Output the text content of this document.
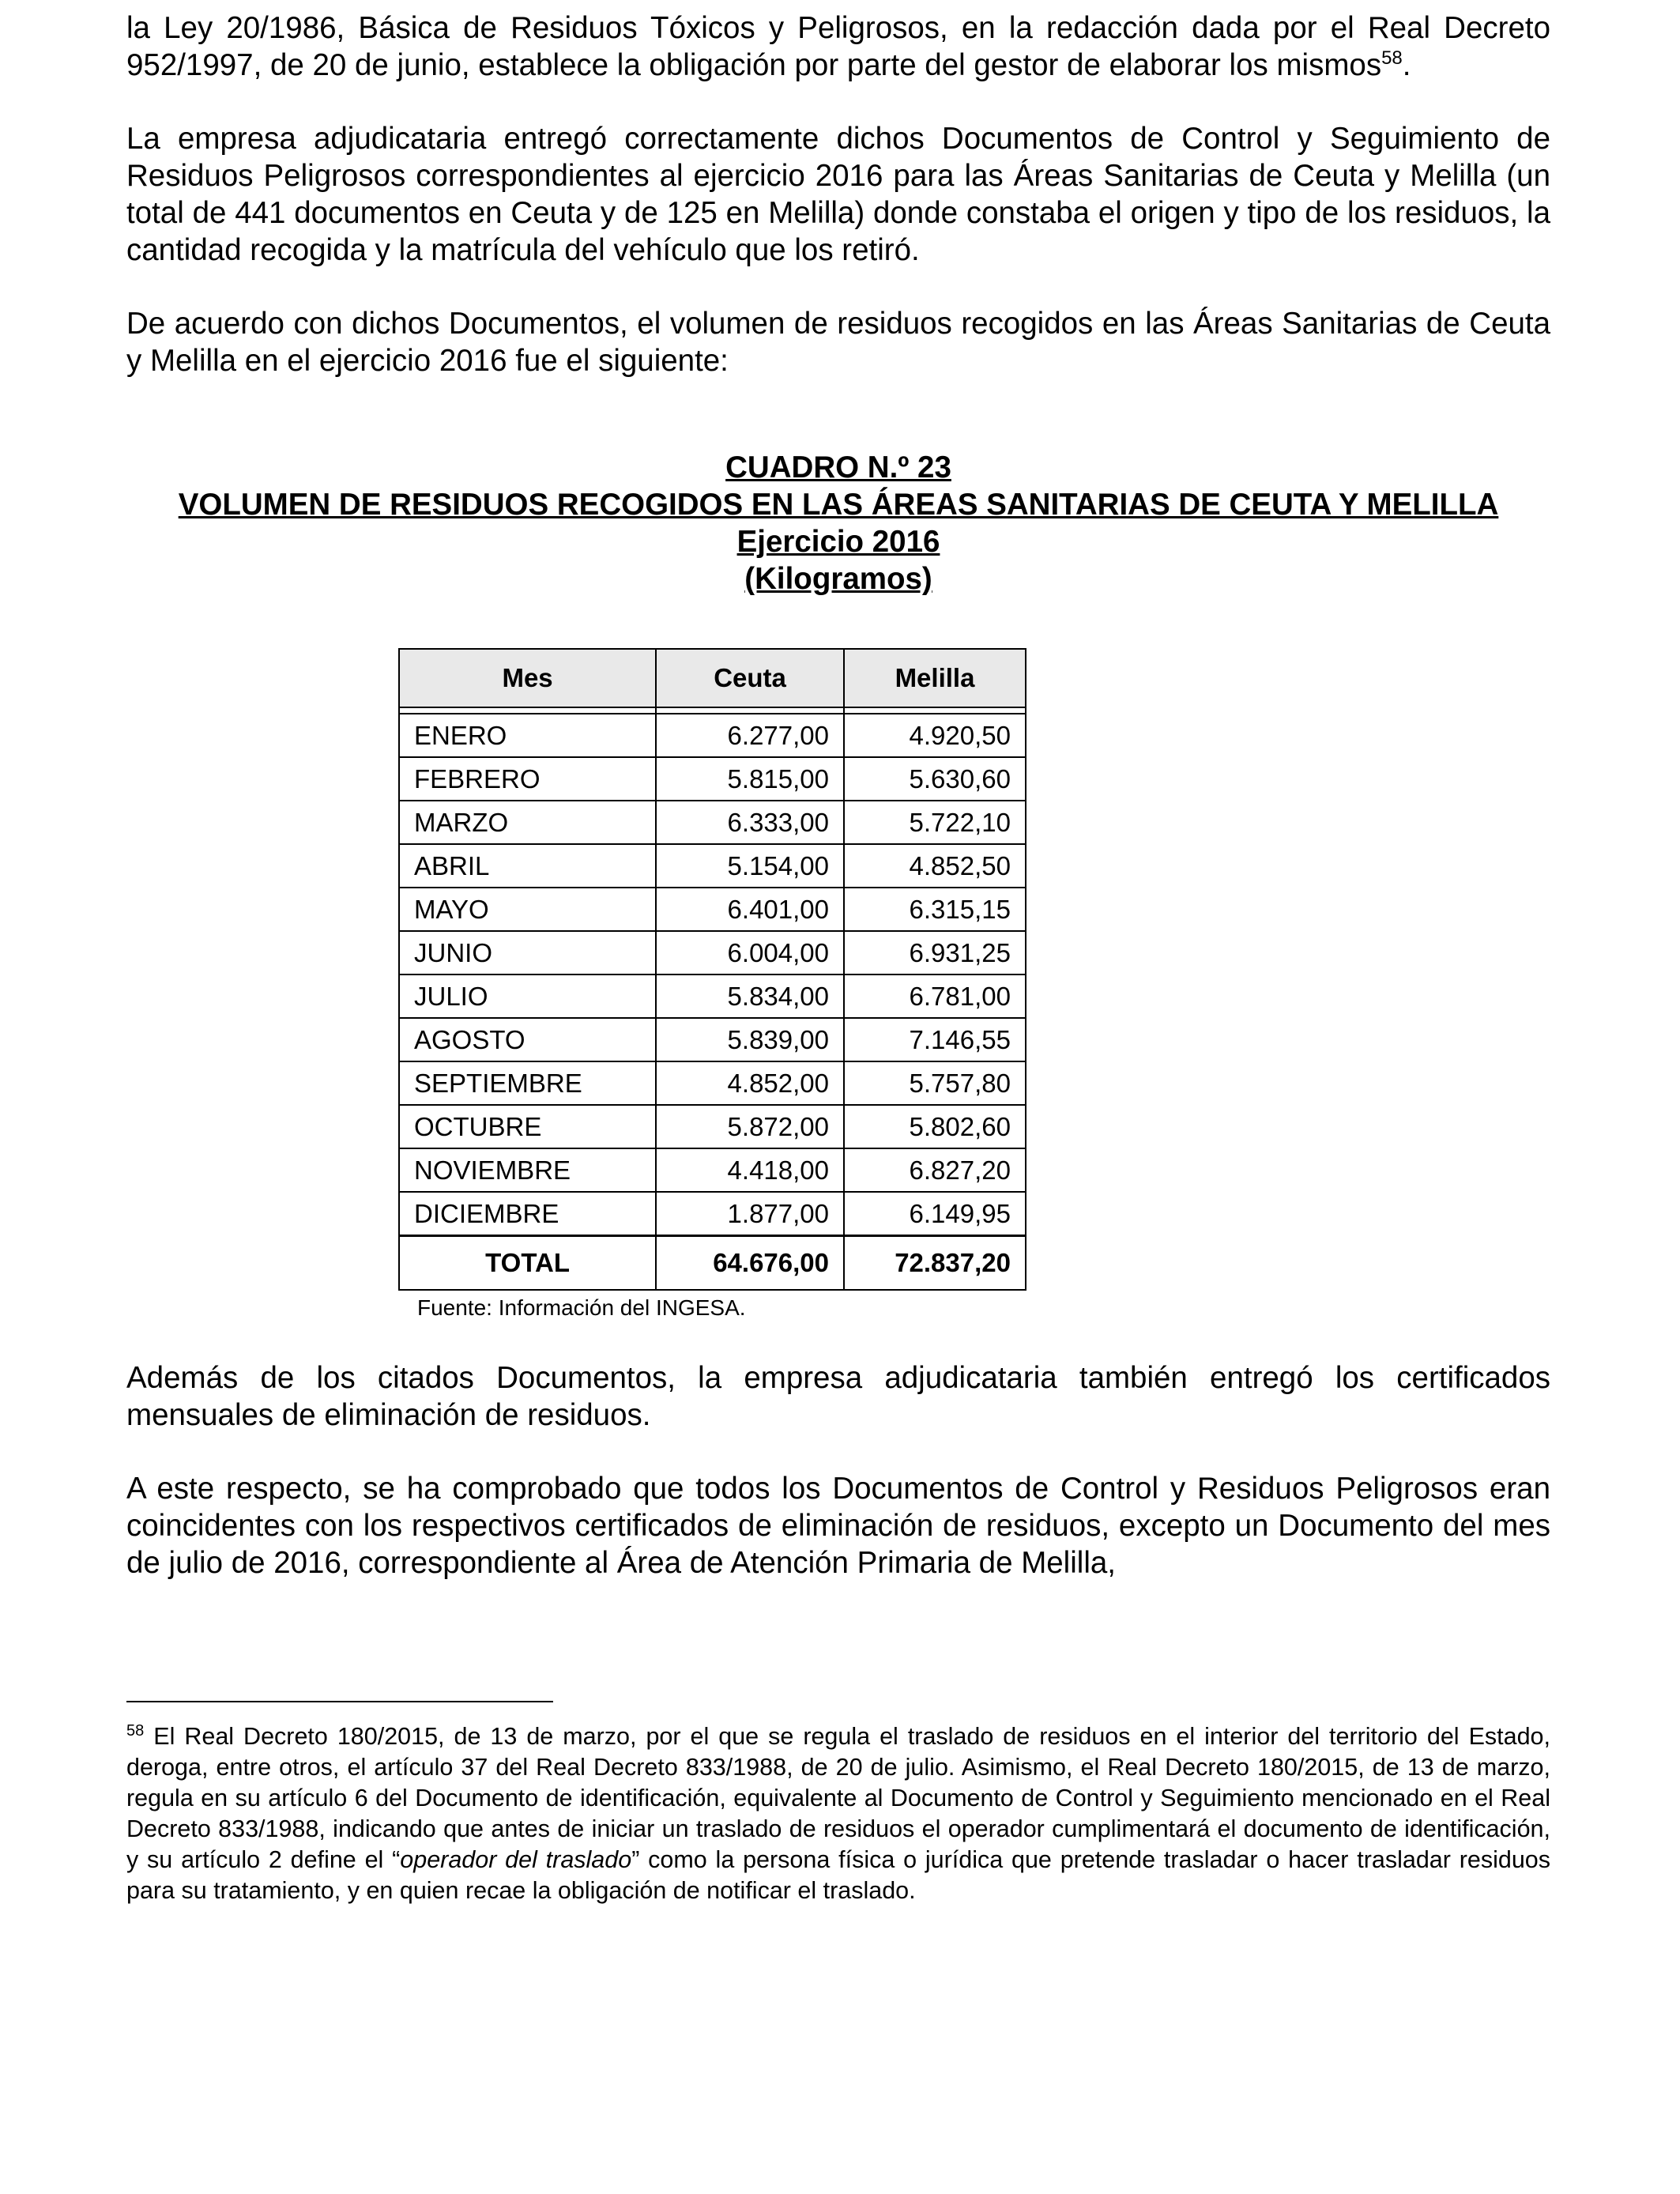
la Ley 20/1986, Básica de Residuos Tóxicos y Peligrosos, en la redacción dada por el Real Decreto 952/1997, de 20 de junio, establece la obligación por parte del gestor de elaborar los mismos$^{58}$.

La empresa adjudicataria entregó correctamente dichos Documentos de Control y Seguimiento de Residuos Peligrosos correspondientes al ejercicio 2016 para las Áreas Sanitarias de Ceuta y Melilla (un total de 441 documentos en Ceuta y de 125 en Melilla) donde constaba el origen y tipo de los residuos, la cantidad recogida y la matrícula del vehículo que los retiró.

De acuerdo con dichos Documentos, el volumen de residuos recogidos en las Áreas Sanitarias de Ceuta y Melilla en el ejercicio 2016 fue el siguiente:

CUADRO N.º 23
VOLUMEN DE RESIDUOS RECOGIDOS EN LAS ÁREAS SANITARIAS DE CEUTA Y MELILLA
Ejercicio 2016
(Kilogramos)
Mes	Ceuta	Melilla

ENERO	6.277,00	4.920,50
FEBRERO	5.815,00	5.630,60
MARZO	6.333,00	5.722,10
ABRIL	5.154,00	4.852,50
MAYO	6.401,00	6.315,15
JUNIO	6.004,00	6.931,25
JULIO	5.834,00	6.781,00
AGOSTO	5.839,00	7.146,55
SEPTIEMBRE	4.852,00	5.757,80
OCTUBRE	5.872,00	5.802,60
NOVIEMBRE	4.418,00	6.827,20
DICIEMBRE	1.877,00	6.149,95
TOTAL	64.676,00	72.837,20
Fuente: Información del INGESA.

Además de los citados Documentos, la empresa adjudicataria también entregó los certificados mensuales de eliminación de residuos.

A este respecto, se ha comprobado que todos los Documentos de Control y Residuos Peligrosos eran coincidentes con los respectivos certificados de eliminación de residuos, excepto un Documento del mes de julio de 2016, correspondiente al Área de Atención Primaria de Melilla,

$^{58}$ El Real Decreto 180/2015, de 13 de marzo, por el que se regula el traslado de residuos en el interior del territorio del Estado, deroga, entre otros, el artículo 37 del Real Decreto 833/1988, de 20 de julio. Asimismo, el Real Decreto 180/2015, de 13 de marzo, regula en su artículo 6 del Documento de identificación, equivalente al Documento de Control y Seguimiento mencionado en el Real Decreto 833/1988, indicando que antes de iniciar un traslado de residuos el operador cumplimentará el documento de identificación, y su artículo 2 define el “operador del traslado” como la persona física o jurídica que pretende trasladar o hacer trasladar residuos para su tratamiento, y en quien recae la obligación de notificar el traslado.
